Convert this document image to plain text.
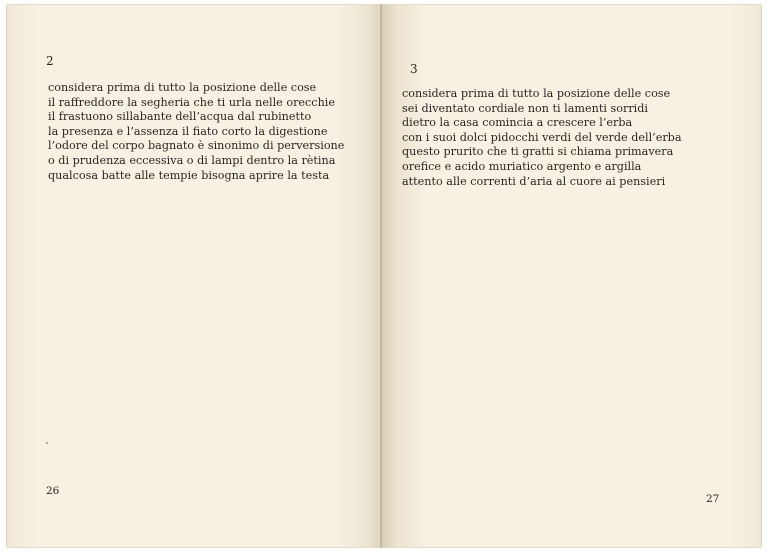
2
considera prima di tutto la posizione delle cose
il raffreddore la segheria che ti urla nelle orecchie
il frastuono sillabante dell’acqua dal rubinetto
la presenza e l’assenza il fiato corto la digestione
l’odore del corpo bagnato è sinonimo di perversione
o di prudenza eccessiva o di lampi dentro la rètina
qualcosa batte alle tempie bisogna aprire la testa
26
3
considera prima di tutto la posizione delle cose
sei diventato cordiale non ti lamenti sorridi
dietro la casa comincia a crescere l’erba
con i suoi dolci pidocchi verdi del verde dell’erba
questo prurito che ti gratti si chiama primavera
orefice e acido muriatico argento e argilla
attento alle correnti d’aria al cuore ai pensieri
27
